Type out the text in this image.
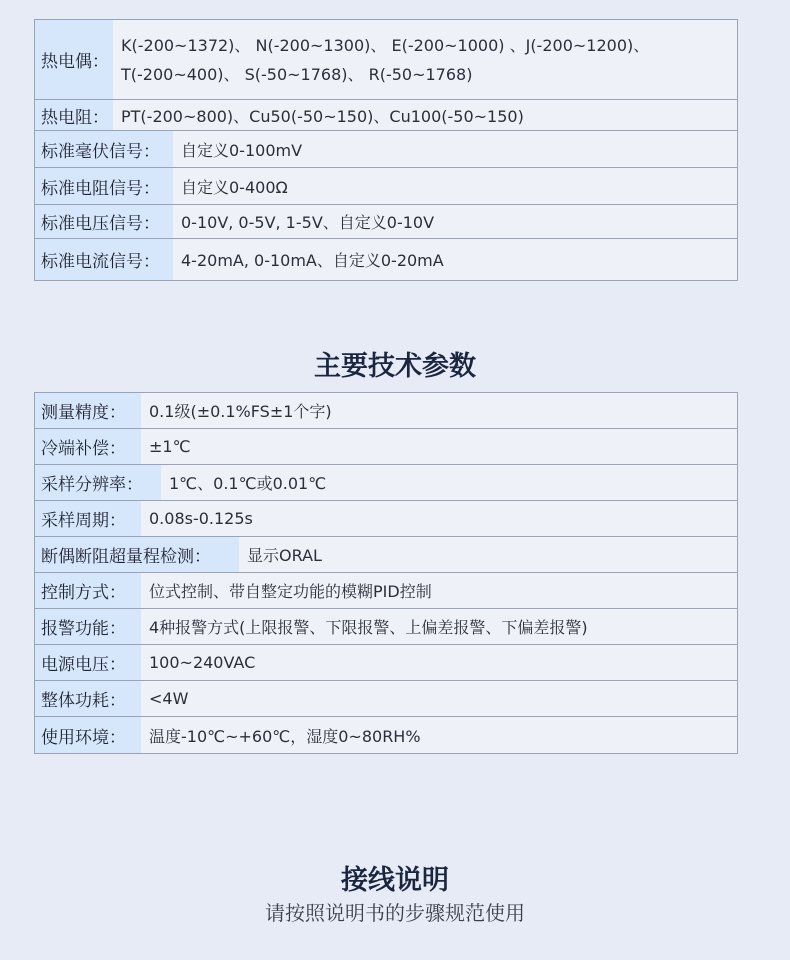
热电偶：
K(-200~1372)、 N(-200~1300)、 E(-200~1000) 、J(-200~1200)、
T(-200~400)、 S(-50~1768)、 R(-50~1768)
热电阻： PT(-200~800)、Cu50(-50~150)、Cu100(-50~150)
标准毫伏信号：	自定义0-100mV
标准电阻信号：	自定义0-400Ω
标准电压信号：	0-10V, 0-5V, 1-5V、自定义0-10V
标准电流信号：	4-20mA, 0-10mA、自定义0-20mA
主要技术参数
测量精度：	0.1级(±0.1%FS±1个字)
冷端补偿：	±1℃
采样分辨率：	1℃、0.1℃或0.01℃
采样周期：	0.08s-0.125s
断偶断阻超量程检测：	显示ORAL
控制方式：	位式控制、带自整定功能的模糊PID控制
报警功能：	4种报警方式(上限报警、下限报警、上偏差报警、下偏差报警)
电源电压：	100~240VAC
整体功耗：	<4W
使用环境：	温度-10℃~+60℃，湿度0~80RH%
接线说明
请按照说明书的步骤规范使用
